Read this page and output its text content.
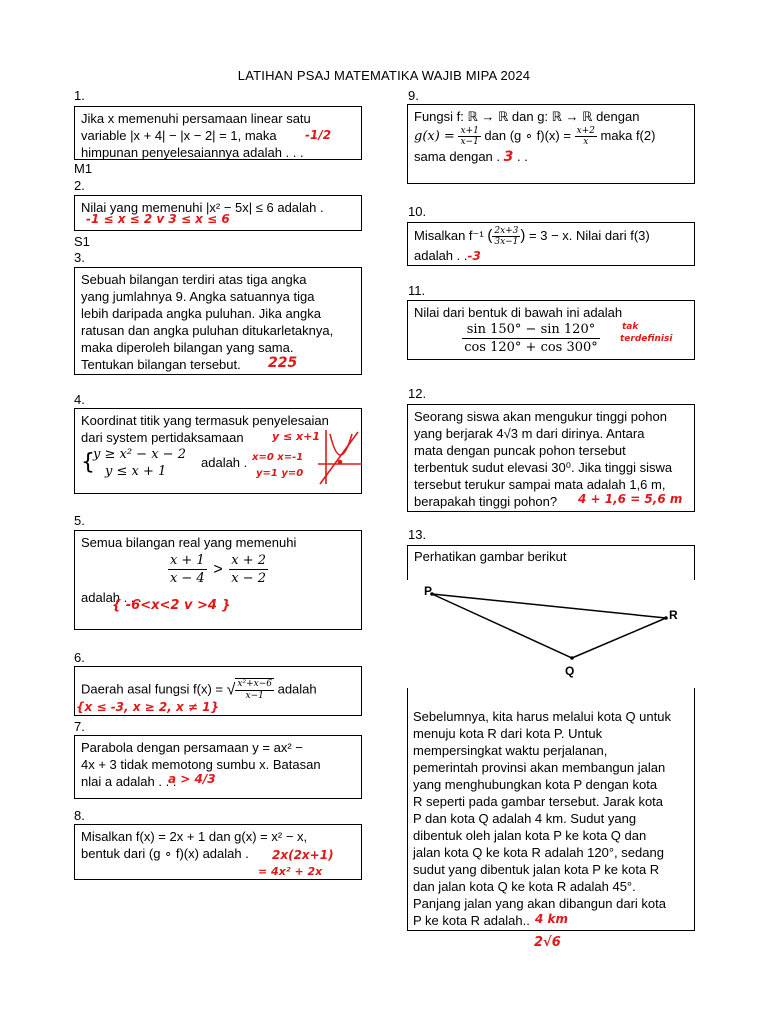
LATIHAN PSAJ MATEMATIKA WAJIB MIPA 2024
1.
Jika x memenuhi persamaan linear satu
variable |x + 4| − |x − 2| = 1, maka
himpunan penyelesaiannya adalah . . .
-1/2
M1
2.
Nilai yang memenuhi |x² − 5x| ≤ 6 adalah .
-1 ≤ x ≤ 2 v 3 ≤ x ≤ 6
S1
3.
Sebuah bilangan terdiri atas tiga angka
yang jumlahnya 9. Angka satuannya tiga
lebih daripada angka puluhan. Jika angka
ratusan dan angka puluhan ditukarletaknya,
maka diperoleh bilangan yang sama.
Tentukan bilangan tersebut.	225
4.
Koordinat titik yang termasuk penyelesaian
dari system pertidaksamaan
{
y ≥ x² − x − 2
y ≤ x + 1
adalah .
y ≤ x+1
x=0 x=-1
y=1 y=0
5.
Semua bilangan real yang memenuhi
$\frac{x + 1}{x - 4} > \frac{x + 2}{x - 2}$
adalah . . .
{ -6<x<2 v >4 }
6.
Daerah asal fungsi f(x) = √ $\frac{\text{x²+x−6}}{x-1}$ adalah
{x ≤ -3, x ≥ 2, x ≠ 1}
7.
Parabola dengan persamaan y = ax² −
4x + 3 tidak memotong sumbu x. Batasan
nlai a adalah . . .
a > 4/3
8.
Misalkan f(x) = 2x + 1 dan g(x) = x² − x,
bentuk dari (g ∘ f)(x) adalah .	2x(2x+1)
= 4x² + 2x
9.
Fungsi f: ℝ → ℝ dan g: ℝ → ℝ dengan
$g(x) = \frac{x+1}{x-1}$ dan (g ∘ $f)(x) = \frac{x+2}{x}$ maka f(2)
sama dengan . 3 . .
10.
Misalkan f⁻¹ ( $\frac{2x+3}{3x-1}$ ) = 3 − x. Nilai dari f(3)
adalah . .-3
11.
Nilai dari bentuk di bawah ini adalah
$\frac{\sin 150^\circ - \sin 120^\circ}{\cos 120^\circ + \cos 300^\circ}$ tak
terdefinisi
12.
Seorang siswa akan mengukur tinggi pohon
yang berjarak 4√3 m dari dirinya. Antara
mata dengan puncak pohon tersebut
terbentuk sudut elevasi 30⁰. Jika tinggi siswa
tersebut terukur sampai mata adalah 1,6 m,
berapakah tinggi pohon?	4 + 1,6 = 5,6 m
13.
Perhatikan gambar berikut
P
R
Q
Sebelumnya, kita harus melalui kota Q untuk
menuju kota R dari kota P. Untuk
mempersingkat waktu perjalanan,
pemerintah provinsi akan membangun jalan
yang menghubungkan kota P dengan kota
R seperti pada gambar tersebut. Jarak kota
P dan kota Q adalah 4 km. Sudut yang
dibentuk oleh jalan kota P ke kota Q dan
jalan kota Q ke kota R adalah 120°, sedang
sudut yang dibentuk jalan kota P ke kota R
dan jalan kota Q ke kota R adalah 45°.
Panjang jalan yang akan dibangun dari kota
P ke kota R adalah.. 4 km
2√6
